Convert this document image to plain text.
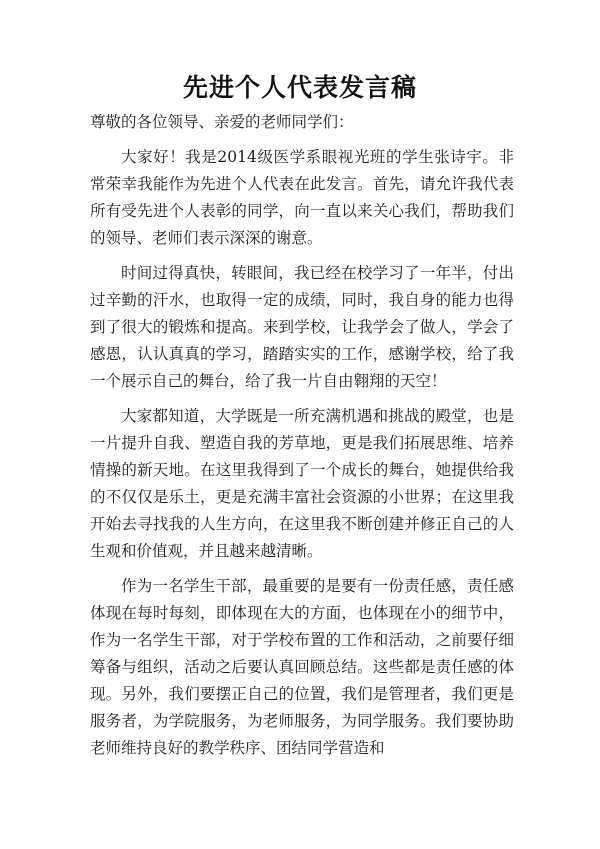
先进个人代表发言稿

尊敬的各位领导、亲爱的老师同学们：

大家好！我是2014级医学系眼视光班的学生张诗宇。非常荣幸我能作为先进个人代表在此发言。首先，请允许我代表所有受先进个人表彰的同学，向一直以来关心我们，帮助我们的领导、老师们表示深深的谢意。

时间过得真快，转眼间，我已经在校学习了一年半，付出过辛勤的汗水，也取得一定的成绩，同时，我自身的能力也得到了很大的锻炼和提高。来到学校，让我学会了做人，学会了感恩，认认真真的学习，踏踏实实的工作，感谢学校，给了我一个展示自己的舞台，给了我一片自由翱翔的天空！

大家都知道，大学既是一所充满机遇和挑战的殿堂，也是一片提升自我、塑造自我的芳草地，更是我们拓展思维、培养情操的新天地。在这里我得到了一个成长的舞台，她提供给我的不仅仅是乐土，更是充满丰富社会资源的小世界；在这里我开始去寻找我的人生方向，在这里我不断创建并修正自己的人生观和价值观，并且越来越清晰。

作为一名学生干部，最重要的是要有一份责任感，责任感体现在每时每刻，即体现在大的方面，也体现在小的细节中，作为一名学生干部，对于学校布置的工作和活动，之前要仔细筹备与组织，活动之后要认真回顾总结。这些都是责任感的体现。另外，我们要摆正自己的位置，我们是管理者，我们更是服务者，为学院服务，为老师服务，为同学服务。我们要协助老师维持良好的教学秩序、团结同学营造和
